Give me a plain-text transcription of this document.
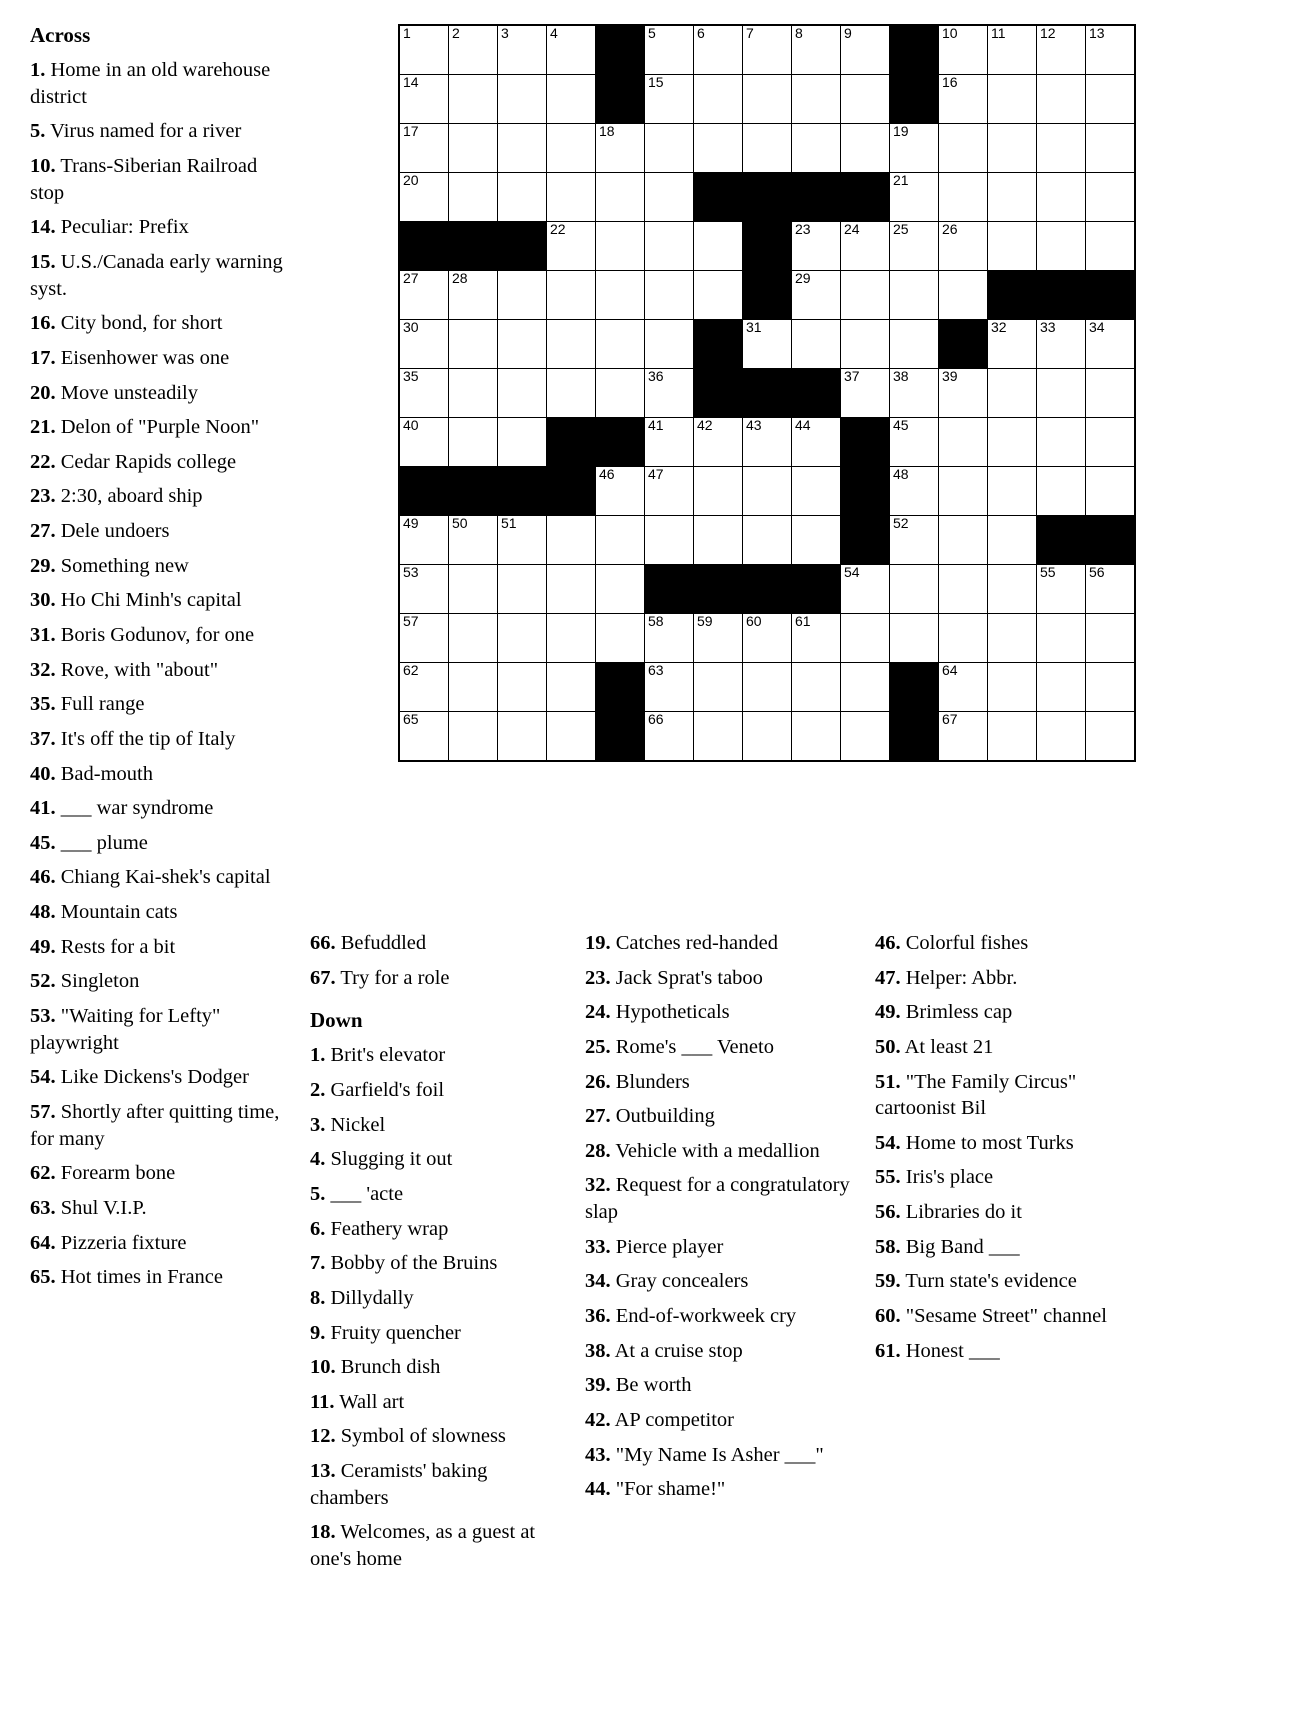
Across
1. Home in an old warehouse district
5. Virus named for a river
10. Trans-Siberian Railroad stop
14. Peculiar: Prefix
15. U.S./Canada early warning syst.
16. City bond, for short
17. Eisenhower was one
20. Move unsteadily
21. Delon of "Purple Noon"
22. Cedar Rapids college
23. 2:30, aboard ship
27. Dele undoers
29. Something new
30. Ho Chi Minh's capital
31. Boris Godunov, for one
32. Rove, with "about"
35. Full range
37. It's off the tip of Italy
40. Bad-mouth
41. ___ war syndrome
45. ___ plume
46. Chiang Kai-shek's capital
48. Mountain cats
49. Rests for a bit
52. Singleton
53. "Waiting for Lefty" playwright
54. Like Dickens's Dodger
57. Shortly after quitting time, for many
62. Forearm bone
63. Shul V.I.P.
64. Pizzeria fixture
65. Hot times in France
1	2	3	4		5	6	7	8	9		10	11	12	13

14					15						16			

17				18						19				

20										21				

			22					23	24	25	26			

27	28							29						

30							31					32	33	34

35					36				37	38	39			

40					41	42	43	44		45				

				46	47					48				

49	50	51								52				

53									54				55	56

57					58	59	60	61						

62					63						64			

65					66						67			

66. Befuddled
67. Try for a role
Down
1. Brit's elevator
2. Garfield's foil
3. Nickel
4. Slugging it out
5. ___ 'acte
6. Feathery wrap
7. Bobby of the Bruins
8. Dillydally
9. Fruity quencher
10. Brunch dish
11. Wall art
12. Symbol of slowness
13. Ceramists' baking chambers
18. Welcomes, as a guest at one's home
19. Catches red-handed
23. Jack Sprat's taboo
24. Hypotheticals
25. Rome's ___ Veneto
26. Blunders
27. Outbuilding
28. Vehicle with a medallion
32. Request for a congratulatory slap
33. Pierce player
34. Gray concealers
36. End-of-workweek cry
38. At a cruise stop
39. Be worth
42. AP competitor
43. "My Name Is Asher ___"
44. "For shame!"
46. Colorful fishes
47. Helper: Abbr.
49. Brimless cap
50. At least 21
51. "The Family Circus" cartoonist Bil
54. Home to most Turks
55. Iris's place
56. Libraries do it
58. Big Band ___
59. Turn state's evidence
60. "Sesame Street" channel
61. Honest ___
